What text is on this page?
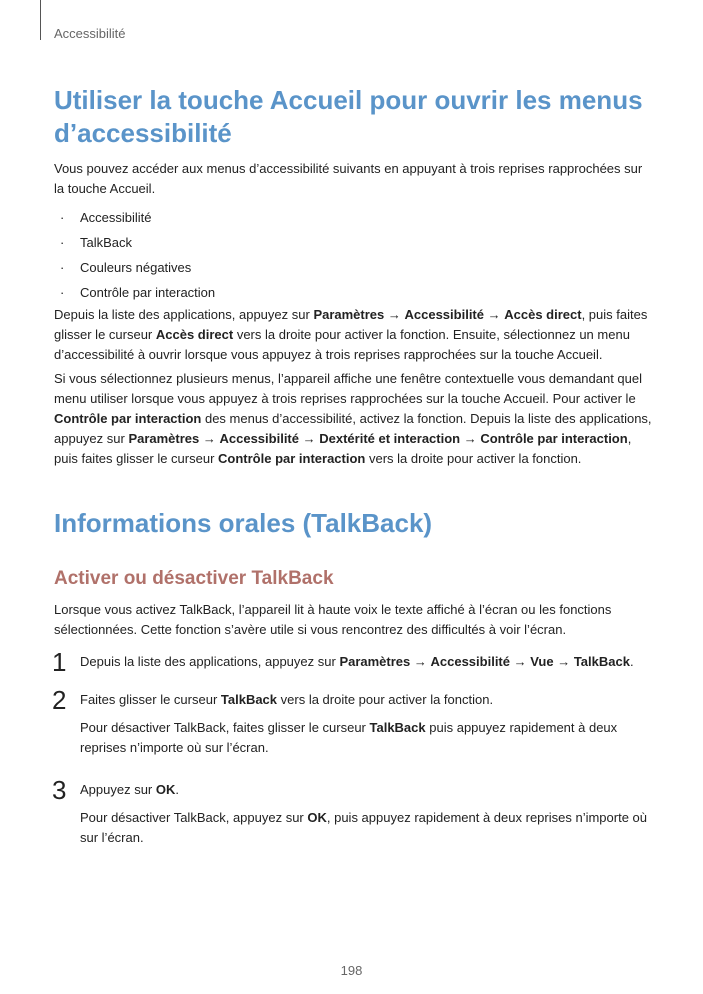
Accessibilité
Utiliser la touche Accueil pour ouvrir les menus
d’accessibilité

Vous pouvez accéder aux menus d’accessibilité suivants en appuyant à trois reprises rapprochées sur la touche Accueil.

· Accessibilité
· TalkBack
· Couleurs négatives
· Contrôle par interaction

Depuis la liste des applications, appuyez sur Paramètres → Accessibilité → Accès direct, puis faites glisser le curseur Accès direct vers la droite pour activer la fonction. Ensuite, sélectionnez un menu d’accessibilité à ouvrir lorsque vous appuyez à trois reprises rapprochées sur la touche Accueil.

Si vous sélectionnez plusieurs menus, l’appareil affiche une fenêtre contextuelle vous demandant quel menu utiliser lorsque vous appuyez à trois reprises rapprochées sur la touche Accueil. Pour activer le Contrôle par interaction des menus d’accessibilité, activez la fonction. Depuis la liste des applications, appuyez sur Paramètres → Accessibilité → Dextérité et interaction → Contrôle par interaction, puis faites glisser le curseur Contrôle par interaction vers la droite pour activer la fonction.

Informations orales (TalkBack)
Activer ou désactiver TalkBack

Lorsque vous activez TalkBack, l’appareil lit à haute voix le texte affiché à l’écran ou les fonctions sélectionnées. Cette fonction s’avère utile si vous rencontrez des difficultés à voir l’écran.

1 Depuis la liste des applications, appuyez sur Paramètres → Accessibilité → Vue → TalkBack.

2 Faites glisser le curseur TalkBack vers la droite pour activer la fonction.

Pour désactiver TalkBack, faites glisser le curseur TalkBack puis appuyez rapidement à deux reprises n’importe où sur l’écran.

3 Appuyez sur OK.

Pour désactiver TalkBack, appuyez sur OK, puis appuyez rapidement à deux reprises n’importe où sur l’écran.

198
